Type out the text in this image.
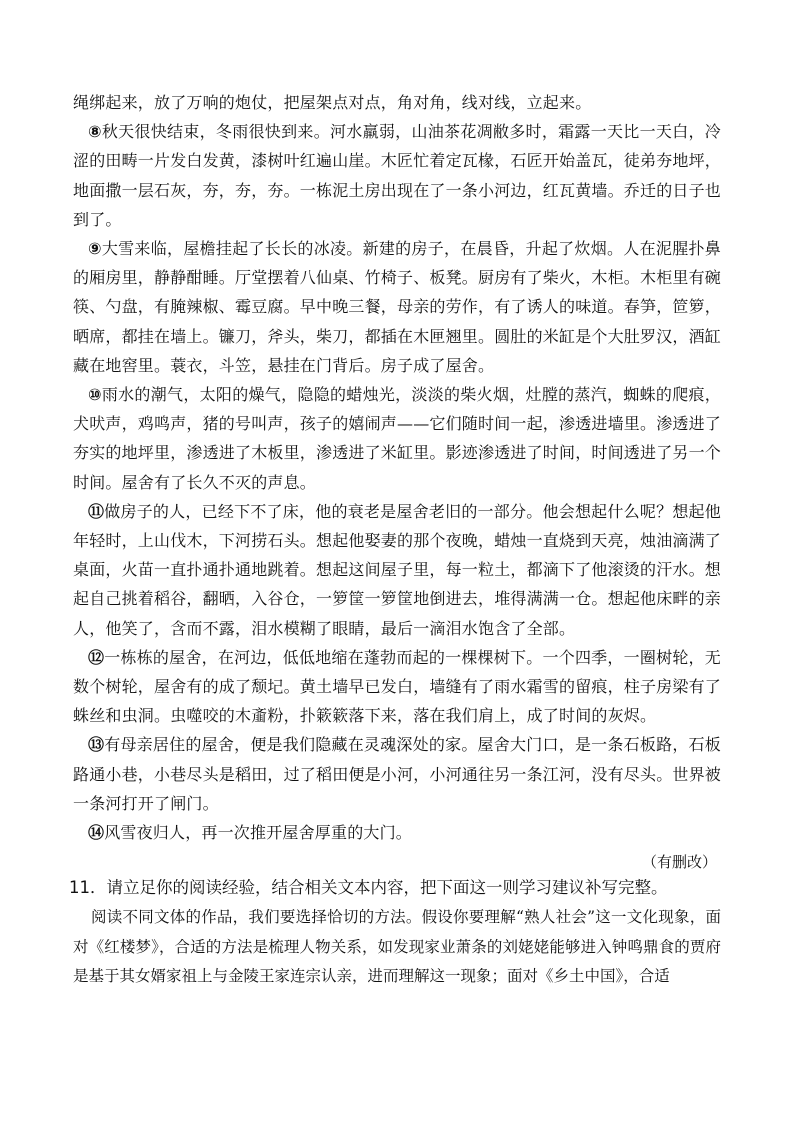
绳绑起来，放了万响的炮仗，把屋架点对点，角对角，线对线，立起来。

⑧秋天很快结束，冬雨很快到来。河水羸弱，山油茶花凋敝多时，霜露一天比一天白，冷涩的田畴一片发白发黄，漆树叶红遍山崖。木匠忙着定瓦椽，石匠开始盖瓦，徒弟夯地坪，地面撒一层石灰，夯，夯，夯。一栋泥土房出现在了一条小河边，红瓦黄墙。乔迁的日子也到了。

⑨大雪来临，屋檐挂起了长长的冰凌。新建的房子，在晨昏，升起了炊烟。人在泥腥扑鼻的厢房里，静静酣睡。厅堂摆着八仙桌、竹椅子、板凳。厨房有了柴火，木柜。木柜里有碗筷、勺盘，有腌辣椒、霉豆腐。早中晚三餐，母亲的劳作，有了诱人的味道。春笋，笸箩，晒席，都挂在墙上。镰刀，斧头，柴刀，都插在木匣翘里。圆肚的米缸是个大肚罗汉，酒缸藏在地窖里。蓑衣，斗笠，悬挂在门背后。房子成了屋舍。

⑩雨水的潮气，太阳的燥气，隐隐的蜡烛光，淡淡的柴火烟，灶膛的蒸汽，蜘蛛的爬痕，犬吠声，鸡鸣声，猪的号叫声，孩子的嬉闹声——它们随时间一起，渗透进墙里。渗透进了夯实的地坪里，渗透进了木板里，渗透进了米缸里。影迹渗透进了时间，时间透进了另一个时间。屋舍有了长久不灭的声息。

⑪做房子的人，已经下不了床，他的衰老是屋舍老旧的一部分。他会想起什么呢？想起他年轻时，上山伐木，下河捞石头。想起他娶妻的那个夜晚，蜡烛一直烧到天亮，烛油滴满了桌面，火苗一直扑通扑通地跳着。想起这间屋子里，每一粒土，都滴下了他滚烫的汗水。想起自己挑着稻谷，翻晒，入谷仓，一箩筐一箩筐地倒进去，堆得满满一仓。想起他床畔的亲人，他笑了，含而不露，泪水模糊了眼睛，最后一滴泪水饱含了全部。

⑫一栋栋的屋舍，在河边，低低地缩在蓬勃而起的一棵棵树下。一个四季，一圈树轮，无数个树轮，屋舍有的成了颓圮。黄土墙早已发白，墙缝有了雨水霜雪的留痕，柱子房梁有了蛛丝和虫洞。虫噬咬的木齑粉，扑簌簌落下来，落在我们肩上，成了时间的灰烬。

⑬有母亲居住的屋舍，便是我们隐藏在灵魂深处的家。屋舍大门口，是一条石板路，石板路通小巷，小巷尽头是稻田，过了稻田便是小河，小河通往另一条江河，没有尽头。世界被一条河打开了闸门。

⑭风雪夜归人，再一次推开屋舍厚重的大门。

（有删改）

11．请立足你的阅读经验，结合相关文本内容，把下面这一则学习建议补写完整。

阅读不同文体的作品，我们要选择恰切的方法。假设你要理解“熟人社会”这一文化现象，面对《红楼梦》，合适的方法是梳理人物关系，如发现家业萧条的刘姥姥能够进入钟鸣鼎食的贾府是基于其女婿家祖上与金陵王家连宗认亲，进而理解这一现象；面对《乡土中国》，合适
